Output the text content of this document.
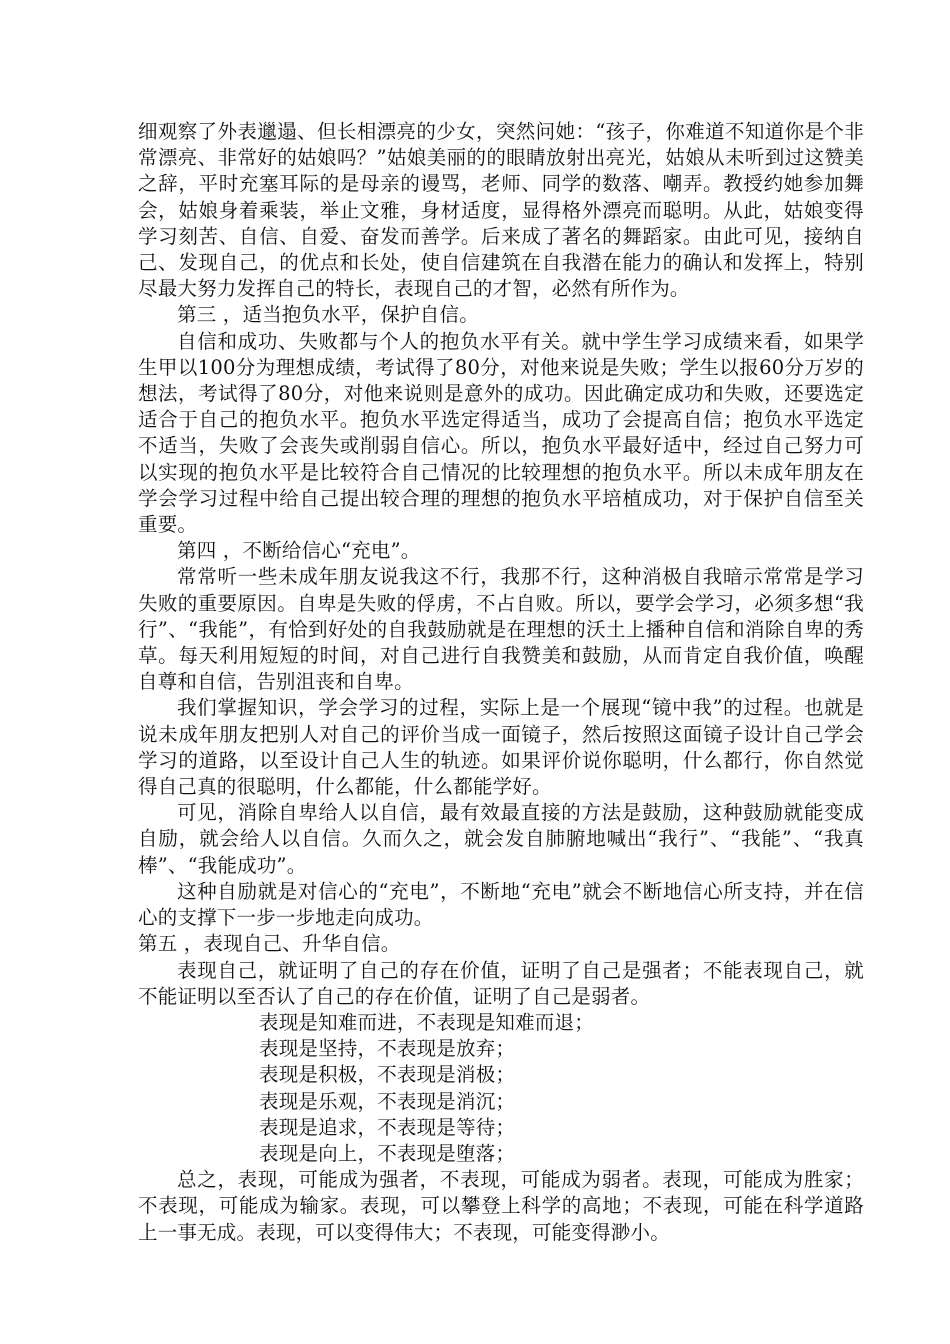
细观察了外表邋遢、但长相漂亮的少女，突然问她：“孩子，你难道不知道你是个非常漂亮、非常好的姑娘吗？”姑娘美丽的的眼睛放射出亮光，姑娘从未听到过这赞美之辞，平时充塞耳际的是母亲的谩骂，老师、同学的数落、嘲弄。教授约她参加舞会，姑娘身着乘装，举止文雅，身材适度，显得格外漂亮而聪明。从此，姑娘变得学习刻苦、自信、自爱、奋发而善学。后来成了著名的舞蹈家。由此可见，接纳自己、发现自己，的优点和长处，使自信建筑在自我潜在能力的确认和发挥上，特别尽最大努力发挥自己的特长，表现自己的才智，必然有所作为。

第三 ，适当抱负水平，保护自信。

自信和成功、失败都与个人的抱负水平有关。就中学生学习成绩来看，如果学生甲以100分为理想成绩，考试得了80分，对他来说是失败；学生以报60分万岁的想法，考试得了80分，对他来说则是意外的成功。因此确定成功和失败，还要选定适合于自己的抱负水平。抱负水平选定得适当，成功了会提高自信；抱负水平选定不适当，失败了会丧失或削弱自信心。所以，抱负水平最好适中，经过自己努力可以实现的抱负水平是比较符合自己情况的比较理想的抱负水平。所以未成年朋友在学会学习过程中给自己提出较合理的理想的抱负水平培植成功，对于保护自信至关重要。

第四 ，不断给信心“充电”。

常常听一些未成年朋友说我这不行，我那不行，这种消极自我暗示常常是学习失败的重要原因。自卑是失败的俘虏，不占自败。所以，要学会学习，必须多想“我行”、“我能”，有恰到好处的自我鼓励就是在理想的沃土上播种自信和消除自卑的秀草。每天利用短短的时间，对自己进行自我赞美和鼓励，从而肯定自我价值，唤醒自尊和自信，告别沮丧和自卑。

我们掌握知识，学会学习的过程，实际上是一个展现“镜中我”的过程。也就是说未成年朋友把别人对自己的评价当成一面镜子，然后按照这面镜子设计自己学会学习的道路，以至设计自己人生的轨迹。如果评价说你聪明，什么都行，你自然觉得自己真的很聪明，什么都能，什么都能学好。

可见，消除自卑给人以自信，最有效最直接的方法是鼓励，这种鼓励就能变成自励，就会给人以自信。久而久之，就会发自肺腑地喊出“我行”、“我能”、“我真棒”、“我能成功”。

这种自励就是对信心的“充电”，不断地“充电”就会不断地信心所支持，并在信心的支撑下一步一步地走向成功。

第五 ，表现自己、升华自信。

表现自己，就证明了自己的存在价值，证明了自己是强者；不能表现自己，就不能证明以至否认了自己的存在价值，证明了自己是弱者。

表现是知难而进，不表现是知难而退；

表现是坚持，不表现是放弃；

表现是积极，不表现是消极；

表现是乐观，不表现是消沉；

表现是追求，不表现是等待；

表现是向上，不表现是堕落；

总之，表现，可能成为强者，不表现，可能成为弱者。表现，可能成为胜家；不表现，可能成为输家。表现，可以攀登上科学的高地；不表现，可能在科学道路上一事无成。表现，可以变得伟大；不表现，可能变得渺小。
